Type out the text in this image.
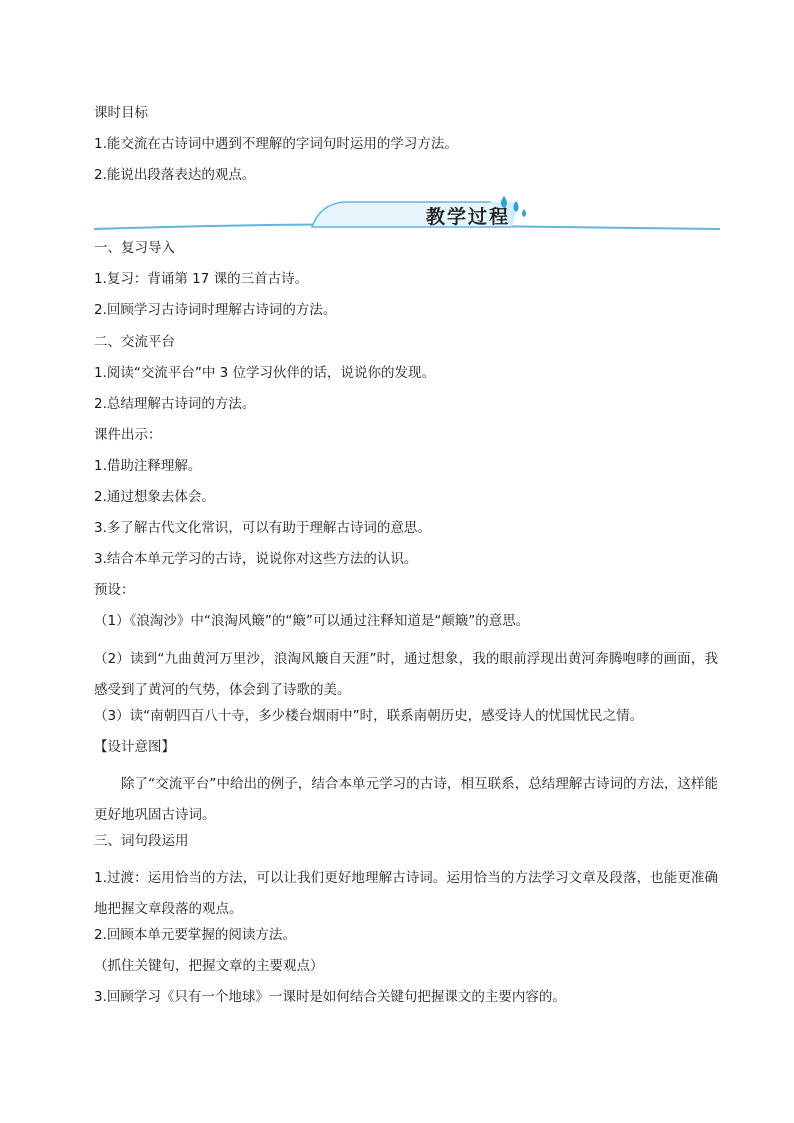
课时目标
1.能交流在古诗词中遇到不理解的字词句时运用的学习方法。
2.能说出段落表达的观点。
教学过程
一、复习导入
1.复习：背诵第 17 课的三首古诗。
2.回顾学习古诗词时理解古诗词的方法。
二、交流平台
1.阅读“交流平台”中 3 位学习伙伴的话，说说你的发现。
2.总结理解古诗词的方法。
课件出示：
1.借助注释理解。
2.通过想象去体会。
3.多了解古代文化常识，可以有助于理解古诗词的意思。
3.结合本单元学习的古诗，说说你对这些方法的认识。
预设：
（1）《浪淘沙》中“浪淘风簸”的“簸”可以通过注释知道是“颠簸”的意思。
（2）读到“九曲黄河万里沙，浪淘风簸自天涯”时，通过想象，我的眼前浮现出黄河奔腾咆哮的画面，我感受到了黄河的气势，体会到了诗歌的美。
（3）读“南朝四百八十寺，多少楼台烟雨中”时，联系南朝历史，感受诗人的忧国忧民之情。
【设计意图】
除了“交流平台”中给出的例子，结合本单元学习的古诗，相互联系，总结理解古诗词的方法，这样能更好地巩固古诗词。
三、词句段运用
1.过渡：运用恰当的方法，可以让我们更好地理解古诗词。运用恰当的方法学习文章及段落，也能更准确地把握文章段落的观点。
2.回顾本单元要掌握的阅读方法。
（抓住关键句，把握文章的主要观点）
3.回顾学习《只有一个地球》一课时是如何结合关键句把握课文的主要内容的。
